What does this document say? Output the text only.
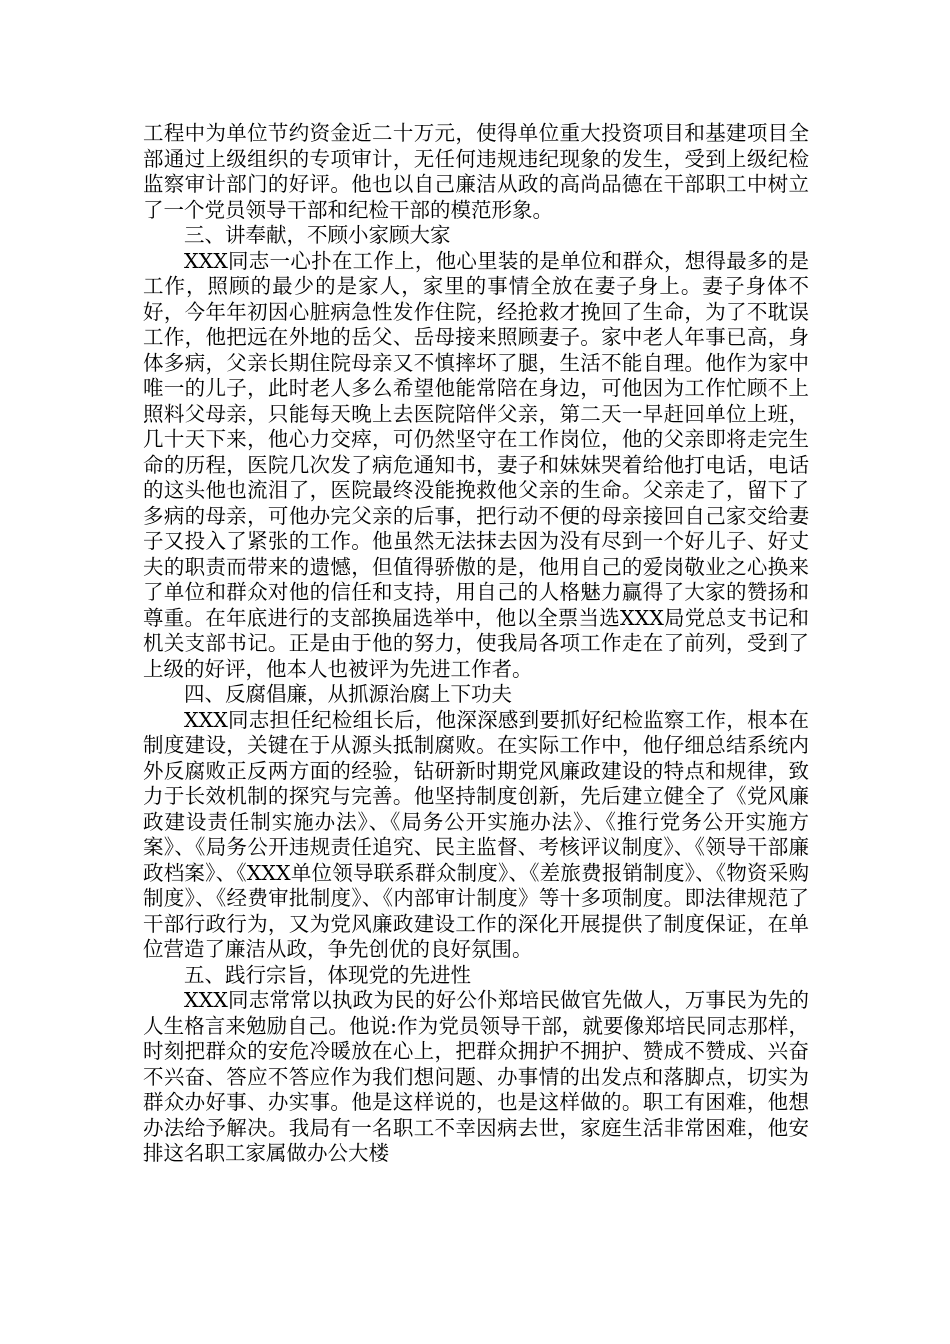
工程中为单位节约资金近二十万元，使得单位重大投资项目和基建项目全部通过上级组织的专项审计，无任何违规违纪现象的发生，受到上级纪检监察审计部门的好评。他也以自己廉洁从政的高尚品德在干部职工中树立了一个党员领导干部和纪检干部的模范形象。

三、讲奉献，不顾小家顾大家

XXX同志一心扑在工作上，他心里装的是单位和群众，想得最多的是工作，照顾的最少的是家人，家里的事情全放在妻子身上。妻子身体不好，今年年初因心脏病急性发作住院，经抢救才挽回了生命，为了不耽误工作，他把远在外地的岳父、岳母接来照顾妻子。家中老人年事已高，身体多病，父亲长期住院母亲又不慎摔坏了腿，生活不能自理。他作为家中唯一的儿子，此时老人多么希望他能常陪在身边，可他因为工作忙顾不上照料父母亲，只能每天晚上去医院陪伴父亲，第二天一早赶回单位上班，几十天下来，他心力交瘁，可仍然坚守在工作岗位，他的父亲即将走完生命的历程，医院几次发了病危通知书，妻子和妹妹哭着给他打电话，电话的这头他也流泪了，医院最终没能挽救他父亲的生命。父亲走了，留下了多病的母亲，可他办完父亲的后事，把行动不便的母亲接回自己家交给妻子又投入了紧张的工作。他虽然无法抹去因为没有尽到一个好儿子、好丈夫的职责而带来的遗憾，但值得骄傲的是，他用自己的爱岗敬业之心换来了单位和群众对他的信任和支持，用自己的人格魅力赢得了大家的赞扬和尊重。在年底进行的支部换届选举中，他以全票当选XXX局党总支书记和机关支部书记。正是由于他的努力，使我局各项工作走在了前列，受到了上级的好评，他本人也被评为先进工作者。

四、反腐倡廉，从抓源治腐上下功夫

XXX同志担任纪检组长后，他深深感到要抓好纪检监察工作，根本在制度建设，关键在于从源头抵制腐败。在实际工作中，他仔细总结系统内外反腐败正反两方面的经验，钻研新时期党风廉政建设的特点和规律，致力于长效机制的探究与完善。他坚持制度创新，先后建立健全了《党风廉政建设责任制实施办法》、《局务公开实施办法》、《推行党务公开实施方案》、《局务公开违规责任追究、民主监督、考核评议制度》、《领导干部廉政档案》、《XXX单位领导联系群众制度》、《差旅费报销制度》、《物资采购制度》、《经费审批制度》、《内部审计制度》等十多项制度。即法律规范了干部行政行为，又为党风廉政建设工作的深化开展提供了制度保证，在单位营造了廉洁从政，争先创优的良好氛围。

五、践行宗旨，体现党的先进性

XXX同志常常以执政为民的好公仆郑培民做官先做人，万事民为先的人生格言来勉励自己。他说:作为党员领导干部，就要像郑培民同志那样，时刻把群众的安危冷暖放在心上，把群众拥护不拥护、赞成不赞成、兴奋不兴奋、答应不答应作为我们想问题、办事情的出发点和落脚点，切实为群众办好事、办实事。他是这样说的，也是这样做的。职工有困难，他想办法给予解决。我局有一名职工不幸因病去世，家庭生活非常困难，他安排这名职工家属做办公大楼
